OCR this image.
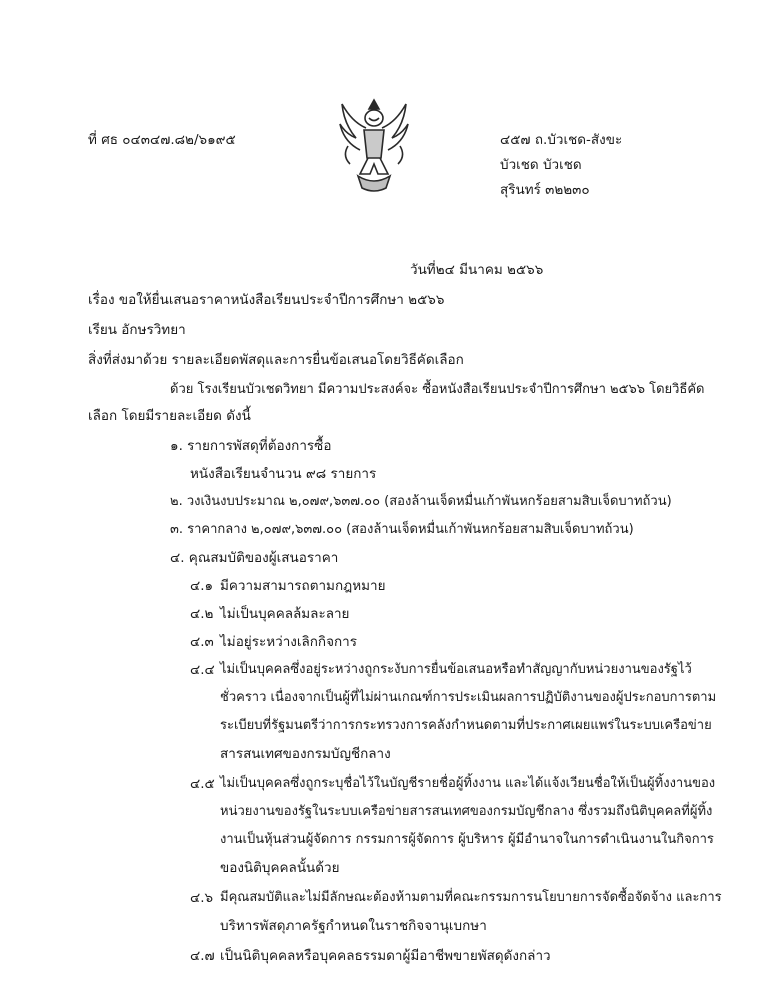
ที่ ศธ ๐๔๓๔๗.๘๒/๖๑๙๕	๔๕๗ ถ.บัวเชด-สังขะ
บัวเชด บัวเชด
สุรินทร์ ๓๒๒๓๐
วันที่๒๔ มีนาคม ๒๕๖๖
เรื่อง ขอให้ยื่นเสนอราคาหนังสือเรียนประจำปีการศึกษา ๒๕๖๖
เรียน อักษรวิทยา
สิ่งที่ส่งมาด้วย รายละเอียดพัสดุและการยื่นข้อเสนอโดยวิธีคัดเลือก
ด้วย โรงเรียนบัวเชดวิทยา มีความประสงค์จะ ซื้อหนังสือเรียนประจำปีการศึกษา ๒๕๖๖ โดยวิธีคัด
เลือก โดยมีรายละเอียด ดังนี้
๑. รายการพัสดุที่ต้องการซื้อ
หนังสือเรียนจำนวน ๙๘ รายการ
๒. วงเงินงบประมาณ ๒,๐๗๙,๖๓๗.๐๐ (สองล้านเจ็ดหมื่นเก้าพันหกร้อยสามสิบเจ็ดบาทถ้วน)
๓. ราคากลาง ๒,๐๗๙,๖๓๗.๐๐ (สองล้านเจ็ดหมื่นเก้าพันหกร้อยสามสิบเจ็ดบาทถ้วน)
๔. คุณสมบัติของผู้เสนอราคา
๔.๑ มีความสามารถตามกฎหมาย
๔.๒ ไม่เป็นบุคคลล้มละลาย
๔.๓ ไม่อยู่ระหว่างเลิกกิจการ
๔.๔ ไม่เป็นบุคคลซึ่งอยู่ระหว่างถูกระงับการยื่นข้อเสนอหรือทำสัญญากับหน่วยงานของรัฐไว้
ชั่วคราว เนื่องจากเป็นผู้ที่ไม่ผ่านเกณฑ์การประเมินผลการปฏิบัติงานของผู้ประกอบการตาม
ระเบียบที่รัฐมนตรีว่าการกระทรวงการคลังกำหนดตามที่ประกาศเผยแพร่ในระบบเครือข่าย
สารสนเทศของกรมบัญชีกลาง
๔.๕ ไม่เป็นบุคคลซึ่งถูกระบุชื่อไว้ในบัญชีรายชื่อผู้ทิ้งงาน และได้แจ้งเวียนชื่อให้เป็นผู้ทิ้งงานของ
หน่วยงานของรัฐในระบบเครือข่ายสารสนเทศของกรมบัญชีกลาง ซึ่งรวมถึงนิติบุคคลที่ผู้ทิ้ง
งานเป็นหุ้นส่วนผู้จัดการ กรรมการผู้จัดการ ผู้บริหาร ผู้มีอำนาจในการดำเนินงานในกิจการ
ของนิติบุคคลนั้นด้วย
๔.๖ มีคุณสมบัติและไม่มีลักษณะต้องห้ามตามที่คณะกรรมการนโยบายการจัดซื้อจัดจ้าง และการ
บริหารพัสดุภาครัฐกำหนดในราชกิจจานุเบกษา
๔.๗ เป็นนิติบุคคลหรือบุคคลธรรมดาผู้มีอาชีพขายพัสดุดังกล่าว
